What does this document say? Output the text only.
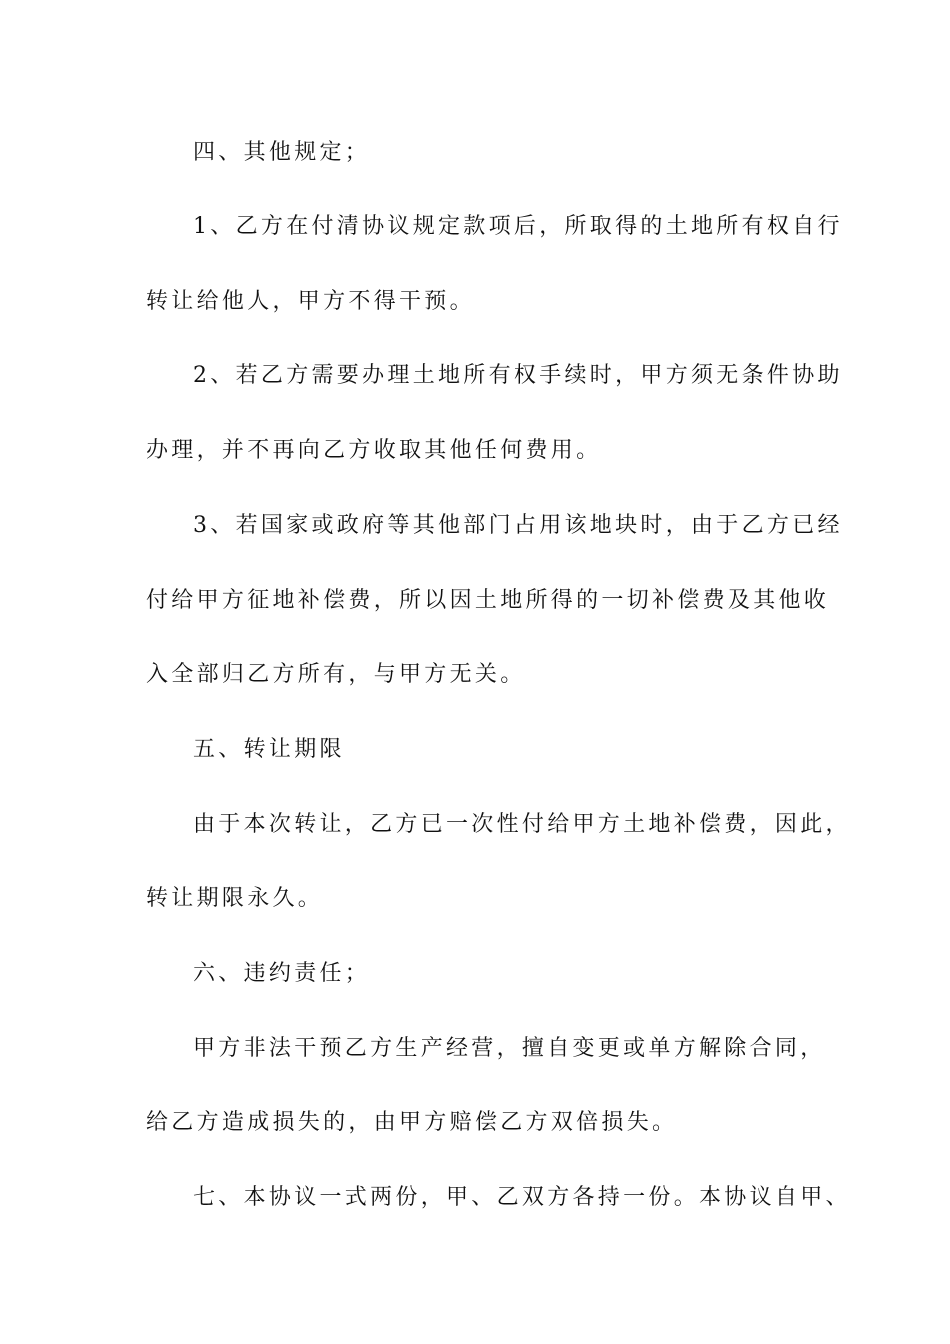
四、其他规定；
1、乙方在付清协议规定款项后，所取得的土地所有权自行
转让给他人，甲方不得干预。
2、若乙方需要办理土地所有权手续时，甲方须无条件协助
办理，并不再向乙方收取其他任何费用。
3、若国家或政府等其他部门占用该地块时，由于乙方已经
付给甲方征地补偿费，所以因土地所得的一切补偿费及其他收
入全部归乙方所有，与甲方无关。
五、转让期限
由于本次转让，乙方已一次性付给甲方土地补偿费，因此，
转让期限永久。
六、违约责任；
甲方非法干预乙方生产经营，擅自变更或单方解除合同，
给乙方造成损失的，由甲方赔偿乙方双倍损失。
七、本协议一式两份，甲、乙双方各持一份。本协议自甲、
